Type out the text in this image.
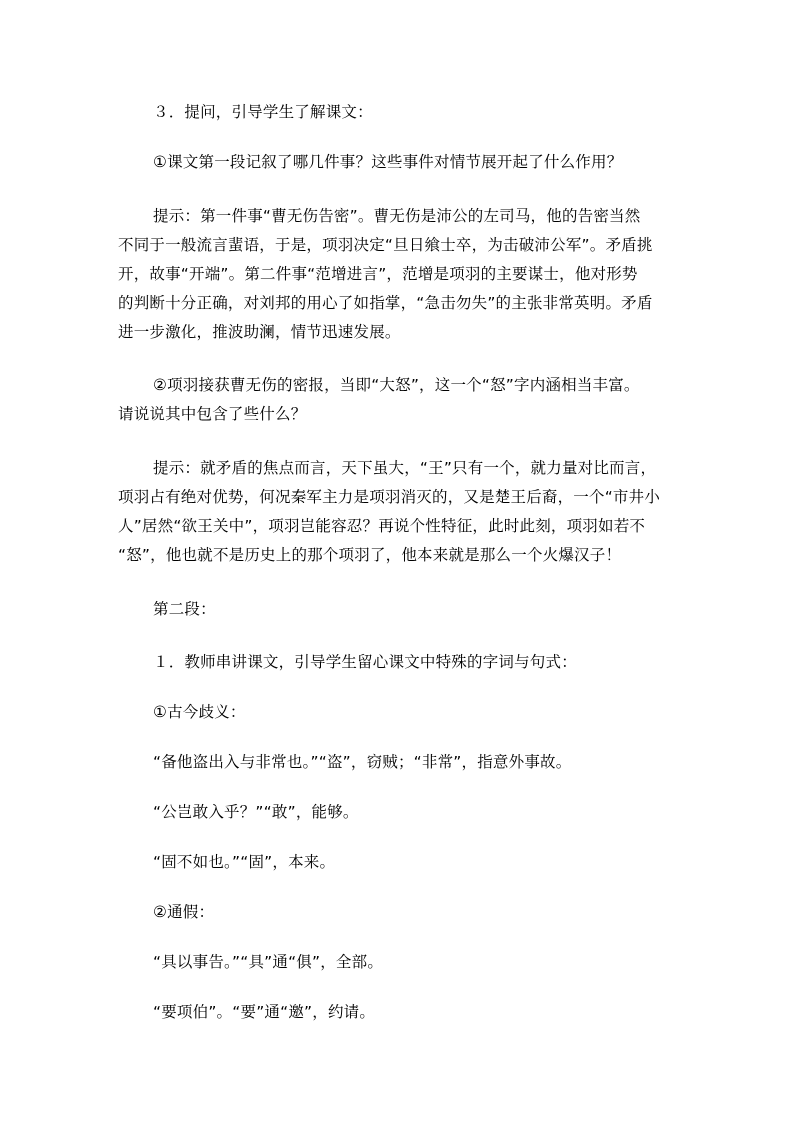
３．提问，引导学生了解课文：
①课文第一段记叙了哪几件事？这些事件对情节展开起了什么作用？
提示：第一件事“曹无伤告密”。曹无伤是沛公的左司马，他的告密当然
不同于一般流言蜚语，于是，项羽决定“旦日飨士卒，为击破沛公军”。矛盾挑
开，故事“开端”。第二件事“范增进言”，范增是项羽的主要谋士，他对形势
的判断十分正确，对刘邦的用心了如指掌，“急击勿失”的主张非常英明。矛盾
进一步激化，推波助澜，情节迅速发展。
②项羽接获曹无伤的密报，当即“大怒”，这一个“怒”字内涵相当丰富。
请说说其中包含了些什么？
提示：就矛盾的焦点而言，天下虽大，“王”只有一个，就力量对比而言，
项羽占有绝对优势，何况秦军主力是项羽消灭的，又是楚王后裔，一个“市井小
人”居然“欲王关中”，项羽岂能容忍？再说个性特征，此时此刻，项羽如若不
“怒”，他也就不是历史上的那个项羽了，他本来就是那么一个火爆汉子！
第二段：
１．教师串讲课文，引导学生留心课文中特殊的字词与句式：
①古今歧义：
“备他盗出入与非常也。”“盗”，窃贼；“非常”，指意外事故。
“公岂敢入乎？”“敢”，能够。
“固不如也。”“固”，本来。
②通假：
“具以事告。”“具”通“俱”，全部。
“要项伯”。“要”通“邀”，约请。
